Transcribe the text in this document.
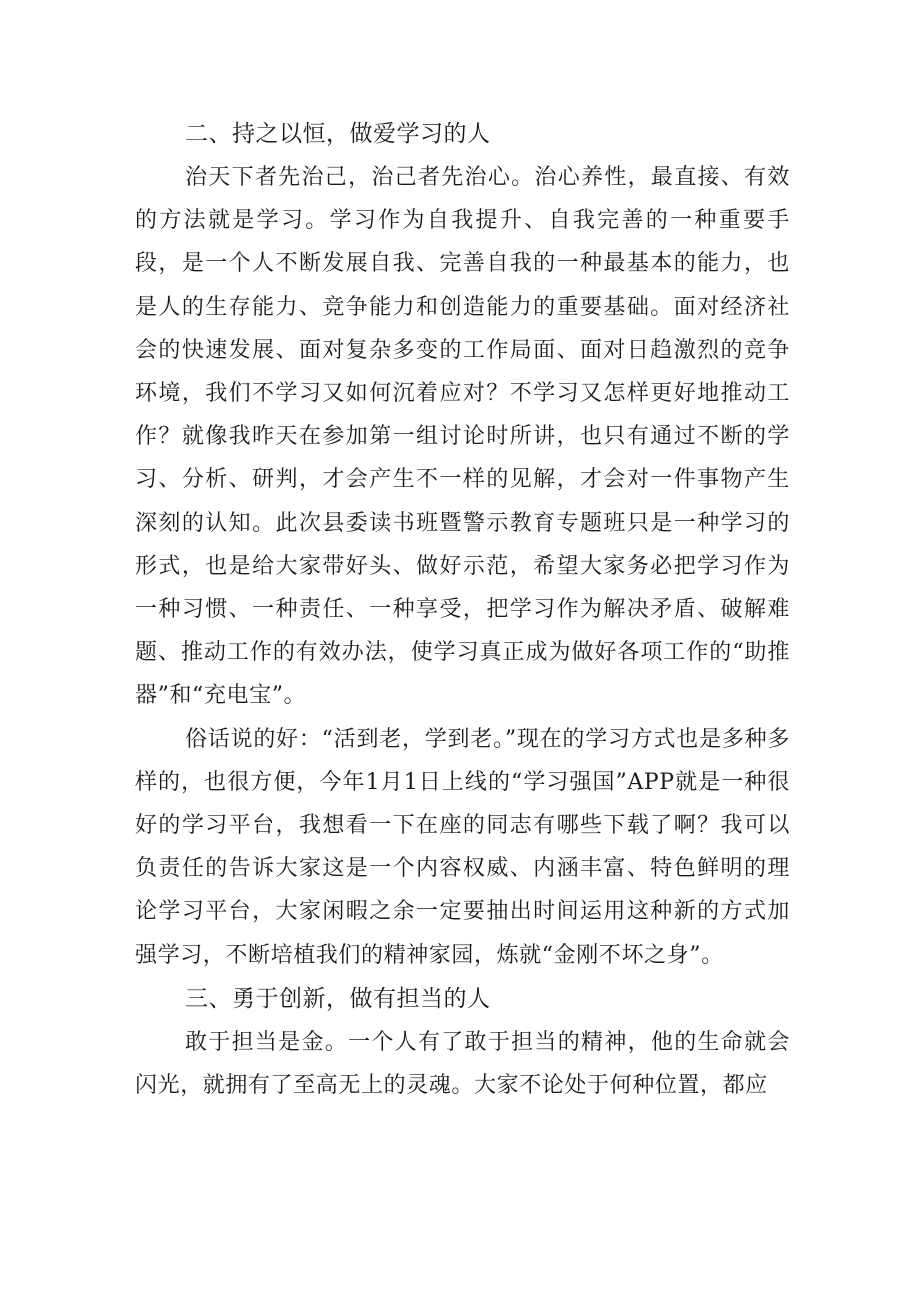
二、持之以恒，做爱学习的人

治天下者先治己，治己者先治心。治心养性，最直接、有效的方法就是学习。学习作为自我提升、自我完善的一种重要手段，是一个人不断发展自我、完善自我的一种最基本的能力，也是人的生存能力、竞争能力和创造能力的重要基础。面对经济社会的快速发展、面对复杂多变的工作局面、面对日趋激烈的竞争环境，我们不学习又如何沉着应对？不学习又怎样更好地推动工作？就像我昨天在参加第一组讨论时所讲，也只有通过不断的学习、分析、研判，才会产生不一样的见解，才会对一件事物产生深刻的认知。此次县委读书班暨警示教育专题班只是一种学习的形式，也是给大家带好头、做好示范，希望大家务必把学习作为一种习惯、一种责任、一种享受，把学习作为解决矛盾、破解难题、推动工作的有效办法，使学习真正成为做好各项工作的“助推器”和“充电宝”。

俗话说的好：“活到老，学到老。”现在的学习方式也是多种多样的，也很方便，今年1月1日上线的“学习强国”APP就是一种很好的学习平台，我想看一下在座的同志有哪些下载了啊？我可以负责任的告诉大家这是一个内容权威、内涵丰富、特色鲜明的理论学习平台，大家闲暇之余一定要抽出时间运用这种新的方式加强学习，不断培植我们的精神家园，炼就“金刚不坏之身”。

三、勇于创新，做有担当的人

敢于担当是金。一个人有了敢于担当的精神，他的生命就会闪光，就拥有了至高无上的灵魂。大家不论处于何种位置，都应
